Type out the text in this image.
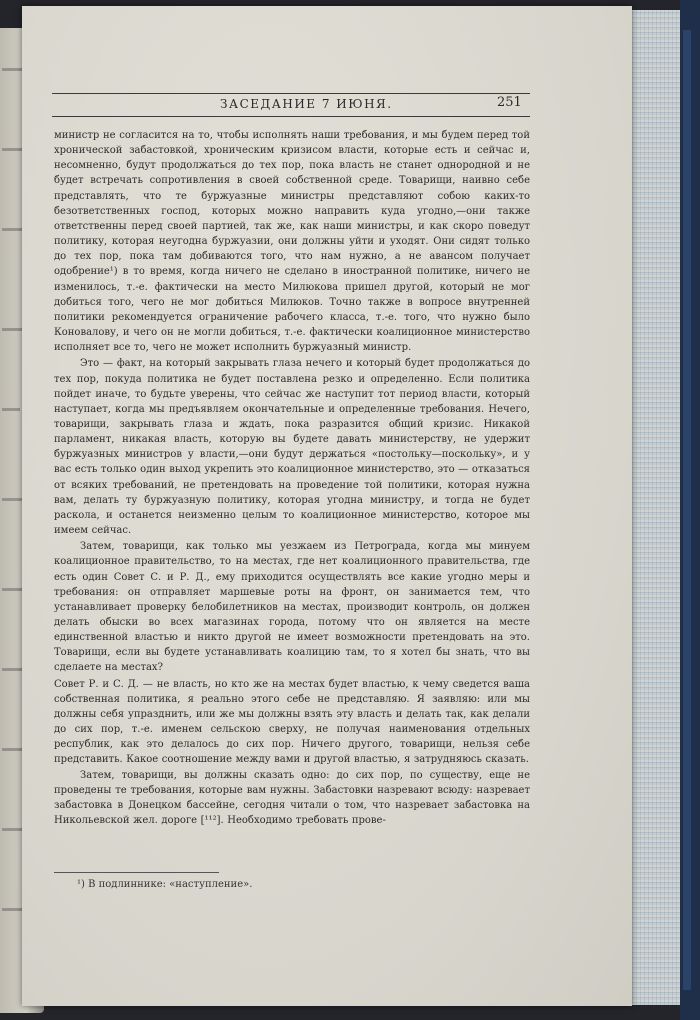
ЗАСЕДАНИЕ 7 ИЮНЯ.	251

министр не согласится на то, чтобы исполнять наши требования, и мы будем перед той хронической забастовкой, хроническим кризисом власти, которые есть и сейчас и, несомненно, будут продолжаться до тех пор, пока власть не станет однородной и не будет встречать сопротивления в своей собственной среде. Товарищи, наивно себе представлять, что те буржуазные министры представляют собою каких-то безответственных господ, которых можно направить куда угодно,—они также ответственны перед своей партией, так же, как наши министры, и как скоро поведут политику, которая неугодна буржуазии, они должны уйти и уходят. Они сидят только до тех пор, пока там добиваются того, что нам нужно, а не авансом получает одобрение¹) в то время, когда ничего не сделано в иностранной политике, ничего не изменилось, т.-е. фактически на место Милюкова пришел другой, который не мог добиться того, чего не мог добиться Милюков. Точно также в вопросе внутренней политики рекомендуется ограничение рабочего класса, т.-е. того, что нужно было Коновалову, и чего он не могли добиться, т.-е. фактически коалиционное министерство исполняет все то, чего не может исполнить буржуазный министр.

Это — факт, на который закрывать глаза нечего и который будет продолжаться до тех пор, покуда политика не будет поставлена резко и определенно. Если политика пойдет иначе, то будьте уверены, что сейчас же наступит тот период власти, который наступает, когда мы предъявляем окончательные и определенные требования. Нечего, товарищи, закрывать глаза и ждать, пока разразится общий кризис. Никакой парламент, никакая власть, которую вы будете давать министерству, не удержит буржуазных министров у власти,—они будут держаться «постольку—поскольку», и у вас есть только один выход укрепить это коалиционное министерство, это — отказаться от всяких требований, не претендовать на проведение той политики, которая нужна вам, делать ту буржуазную политику, которая угодна министру, и тогда не будет раскола, и останется неизменно целым то коалиционное министерство, которое мы имеем сейчас.

Затем, товарищи, как только мы уезжаем из Петрограда, когда мы минуем коалиционное правительство, то на местах, где нет коалиционного правительства, где есть один Совет С. и Р. Д., ему приходится осуществлять все какие угодно меры и требования: он отправляет маршевые роты на фронт, он занимается тем, что устанавливает проверку белобилетников на местах, производит контроль, он должен делать обыски во всех магазинах города, потому что он является на месте единственной властью и никто другой не имеет возможности претендовать на это. Товарищи, если вы будете устанавливать коалицию там, то я хотел бы знать, что вы сделаете на местах?

Совет Р. и С. Д. — не власть, но кто же на местах будет властью, к чему сведется ваша собственная политика, я реально этого себе не представляю. Я заявляю: или мы должны себя упразднить, или же мы должны взять эту власть и делать так, как делали до сих пор, т.-е. именем сельскою сверху, не получая наименования отдельных республик, как это делалось до сих пор. Ничего другого, товарищи, нельзя себе представить. Какое соотношение между вами и другой властью, я затрудняюсь сказать.

Затем, товарищи, вы должны сказать одно: до сих пор, по существу, еще не проведены те требования, которые вам нужны. Забастовки назревают всюду: назревает забастовка в Донецком бассейне, сегодня читали о том, что назревает забастовка на Никольевской жел. дороге [¹¹²]. Необходимо требовать прове-

¹) В подлиннике: «наступление».
